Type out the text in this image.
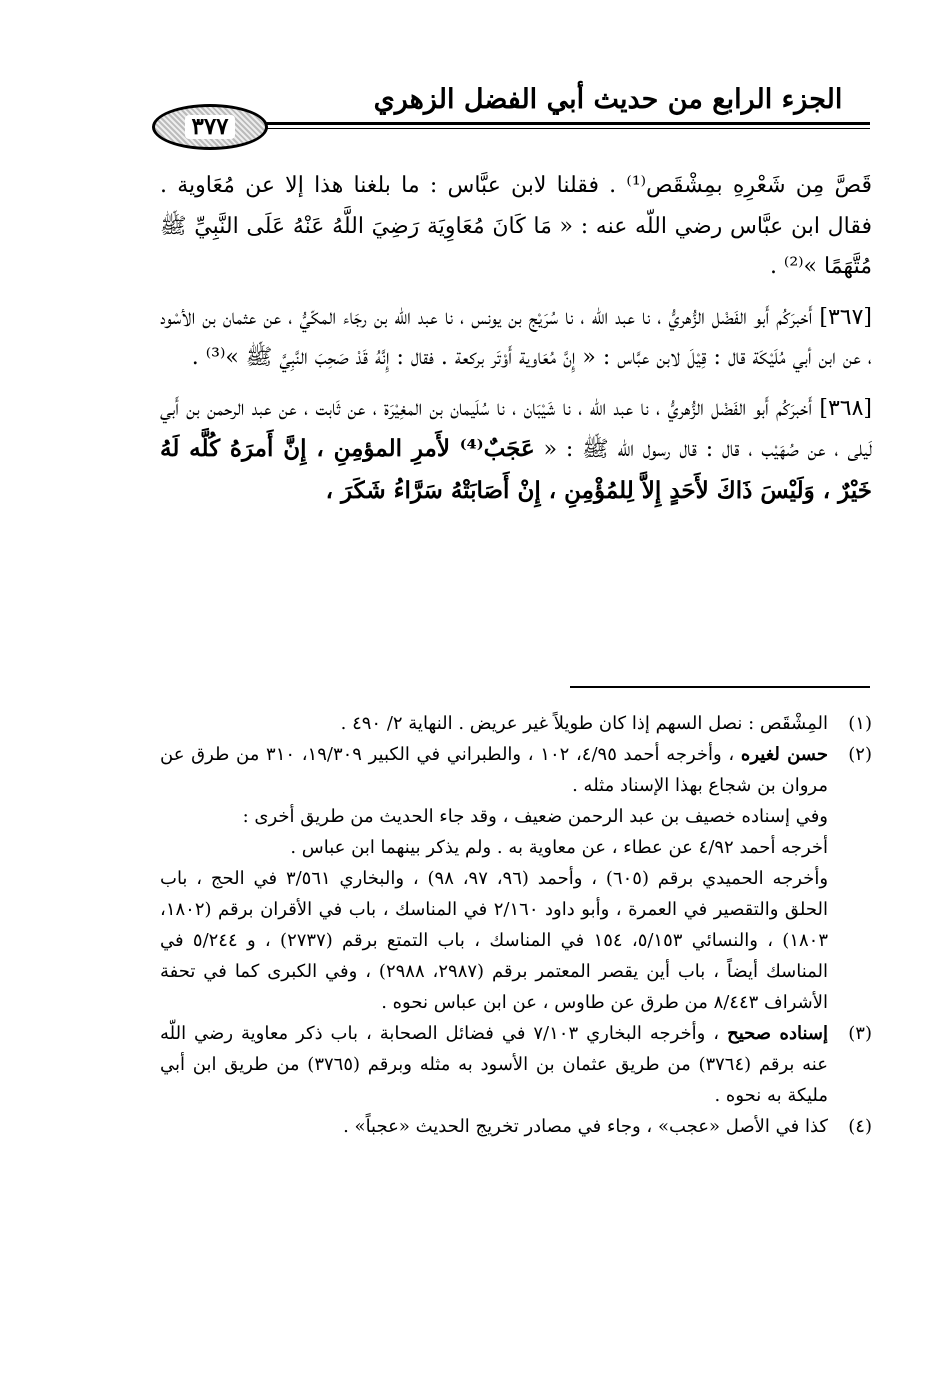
الجزء الرابع من حديث أبي الفضل الزهري
٣٧٧

قَصَّ مِن شَعْرِهِ بمِشْقَص⁽¹⁾ . فقلنا لابن عبَّاس : ما بلغنا هذا إلا عن مُعَاوية . فقال ابن عبَّاس رضي اللّه عنه : « مَا كَانَ مُعَاوِيَة رَضِيَ اللَّهُ عَنْهُ عَلَى النَّبِيِّ ﷺ مُتَّهَمًا »⁽²⁾ .

[٣٦٧] أَخبرَكُم أَبو الفَضْل الزُّهريُّ ، نا عبد اللّه ، نا سُرَيْج بن يونس ، نا عبد اللّه بن رجَاء المكّيُّ ، عن عثمان بن الأسْود ، عن ابن أبي مُلَيْكَة قال : قِيْلَ لابن عبَّاس : « إِنَّ مُعَاوية أَوْتَر بركعة . فقال : إِنَّهُ قَدْ صَحِبَ النَّبِيَّ ﷺ »⁽³⁾ .

[٣٦٨] أَخبرَكُم أَبو الفَضْل الزُّهريُّ ، نا عبد الله ، نا شَيْبَان ، نا سُلَيمان بن المغِيْرَة ، عن ثَابت ، عن عبد الرحمن بن أَبي لَيلى ، عن صُهَيْب ، قال : قال رسول اللّه ﷺ : « عَجَبٌ⁽⁴⁾ لأَمرِ المؤمِنِ ، إِنَّ أَمرَهُ كُلَّه لَهُ خَيْرٌ ، وَلَيْسَ ذَاكَ لأَحَدٍ إِلاَّ لِلمُؤْمِنِ ، إِنْ أَصَابَتْهُ سَرَّاءُ شَكَرَ ،

(١)

المِشْقَص : نصل السهم إذا كان طويلاً غير عريض . النهاية ٢/ ٤٩٠ .

(٢)

حسن لغيره ، وأخرجه أحمد ٤/٩٥، ١٠٢ ، والطبراني في الكبير ١٩/٣٠٩، ٣١٠ من طرق عن مروان بن شجاع بهذا الإسناد مثله .

وفي إسناده خصيف بن عبد الرحمن ضعيف ، وقد جاء الحديث من طريق أخرى :

أخرجه أحمد ٤/٩٢ عن عطاء ، عن معاوية به . ولم يذكر بينهما ابن عباس .

وأخرجه الحميدي برقم (٦٠٥) ، وأحمد (٩٦، ٩٧، ٩٨) ، والبخاري ٣/٥٦١ في الحج ، باب الحلق والتقصير في العمرة ، وأبو داود ٢/١٦٠ في المناسك ، باب في الأقران برقم (١٨٠٢، ١٨٠٣) ، والنسائي ٥/١٥٣، ١٥٤ في المناسك ، باب التمتع برقم (٢٧٣٧) ، و ٥/٢٤٤ في المناسك أيضاً ، باب أين يقصر المعتمر برقم (٢٩٨٧، ٢٩٨٨) ، وفي الكبرى كما في تحفة الأشراف ٨/٤٤٣ من طرق عن طاوس ، عن ابن عباس نحوه .

(٣)

إسناده صحيح ، وأخرجه البخاري ٧/١٠٣ في فضائل الصحابة ، باب ذكر معاوية رضي اللّه عنه برقم (٣٧٦٤) من طريق عثمان بن الأسود به مثله وبرقم (٣٧٦٥) من طريق ابن أبي مليكة به نحوه .

(٤)

كذا في الأصل «عجب» ، وجاء في مصادر تخريج الحديث «عجباً» .
